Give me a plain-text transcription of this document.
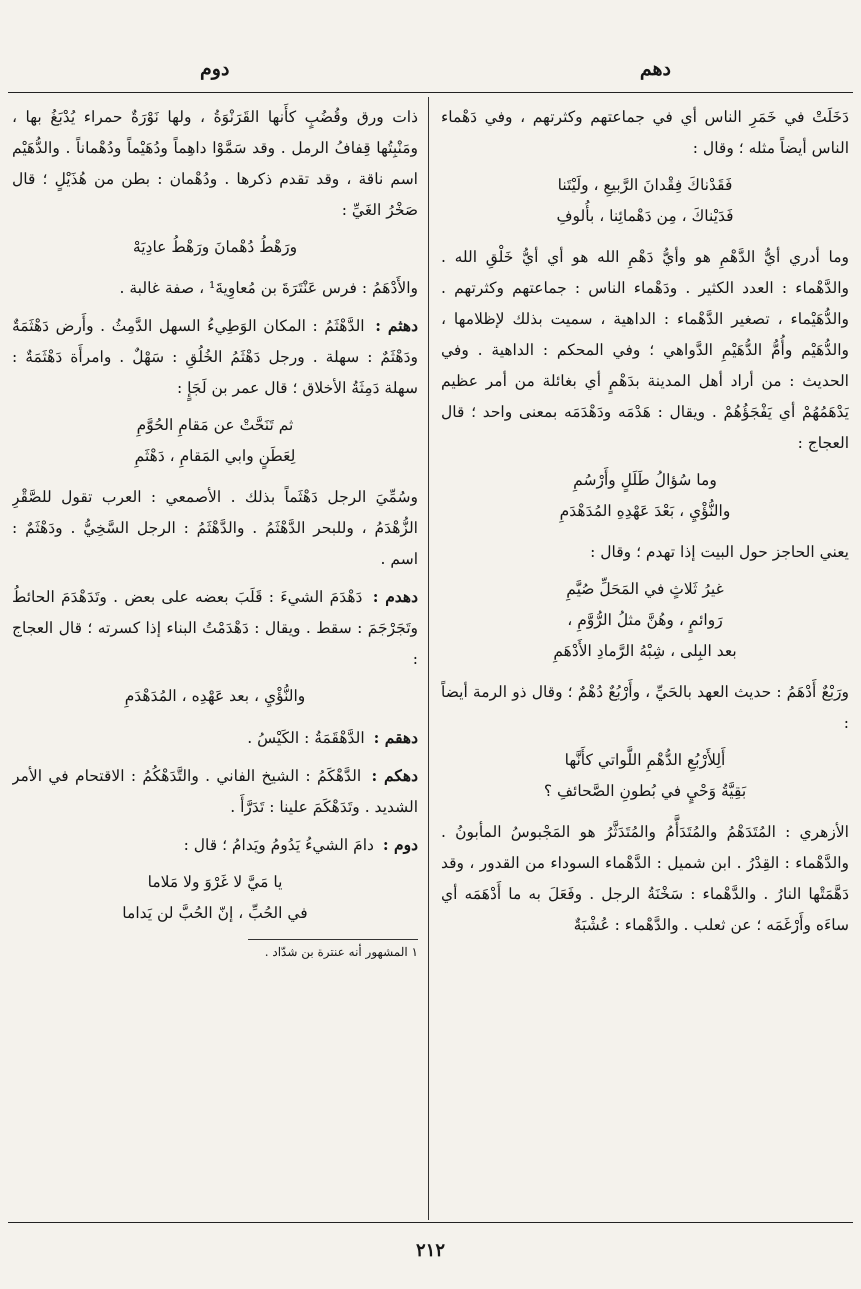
دهم
دوم

دَخَلَتْ في خَمَرِ الناس أي في جماعتهم وكثرتهم ، وفي دَهْماء الناس أيضاً مثله ؛ وقال :

فَقَدْناكَ فِقْدانَ الرَّبيعِ ، ولَيْتَنا
فَدَيْناكَ ، مِن دَهْمائِنا ، بأُلوفِ

وما أدري أيُّ الدَّهْمِ هو وأيُّ دَهْمِ الله هو أي أيُّ خَلْقِ الله . والدَّهْماء : العدد الكثير . ودَهْماء الناس : جماعتهم وكثرتهم . والدُّهَيْماء ، تصغير الدَّهْماء : الداهية ، سميت بذلك لإظلامها ، والدُّهَيْم وأُمُّ الدُّهَيْمِ الدَّواهي ؛ وفي المحكم : الداهية . وفي الحديث : من أراد أهل المدينة بدَهْمٍ أي بغائلة من أمر عظيم يَدْهَمُهُمْ أي يَفْجَؤُهُمْ . ويقال : هَدْمَه ودَهْدَمَه بمعنى واحد ؛ قال العجاج :

وما سُؤالُ طَلَلٍ وأَرْسُمِ
والنُّؤْيِ ، بَعْدَ عَهْدِهِ المُدَهْدَمِ

يعني الحاجز حول البيت إذا تهدم ؛ وقال :

غيرُ ثَلاثٍ في المَحَلِّ صُيَّمِ
رَوائمٍ ، وهُنَّ مثلُ الرُّوَّمِ ،
بعد البِلى ، شِبْهُ الرَّمادِ الأَدْهَمِ

ورَبْعٌ أَدْهَمُ : حديث العهد بالحَيِّ ، وأَرْبُعٌ دُهْمٌ ؛ وقال ذو الرمة أيضاً :

أَلِلأَرْبُعِ الدُّهْمِ اللَّواتي كأَنَّها
بَقِيَّةُ وَحْيٍ في بُطونِ الصَّحائفِ ؟

الأزهري : المُتَدَهْمُ والمُتَدَأَّمُ والمُتَدَثَّرُ هو المَجْبوسُ المأبونُ . والدَّهْماء : القِدْرُ . ابن شميل : الدَّهْماء السوداء من القدور ، وقد دَهَّمَتْها النارُ . والدَّهْماء : سَخْنَةُ الرجل . وفَعَلَ به ما أَدْهَمَه أي ساءَه وأَرْغَمَه ؛ عن ثعلب . والدَّهْماء : عُشْبَةٌ

ذات ورق وقُضُبٍ كأَنها القَرَنْوَةُ ، ولها نَوْرَةٌ حمراء يُدْبَغُ بها ، ومَنْبِتُها قِفافُ الرمل . وقد سَمَّوْا داهِماً ودُهَيْماً ودُهْماناً . والدُّهَيْم اسم ناقة ، وقد تقدم ذكرها . ودُهْمان : بطن من هُذَيْلٍ ؛ قال صَخْرُ الغَيِّ :

ورَهْطُ دُهْمانَ ورَهْطُ عادِيَهْ

والأَدْهَمُ : فرس عَنْتَرَةَ بن مُعاوِيةَ¹ ، صفة غالبة .

دهثم : الدَّهْثَمُ : المكان الوَطِيءُ السهل الدَّمِثُ . وأَرض دَهْثَمَةٌ ودَهْثَمٌ : سهلة . ورجل دَهْثَمُ الخُلُقِ : سَهْلٌ . وامرأَة دَهْثَمَةٌ : سهلة دَمِثَةُ الأخلاق ؛ قال عمر بن لَجَإٍ :

ثم تَنَحَّتْ عن مَقامِ الحُوَّمِ
لِعَطَنٍ وابي المَقامِ ، دَهْثَمِ

وسُمِّيَ الرجل دَهْثَماً بذلك . الأصمعي : العرب تقول للصَّقْرِ الزُّهْدَمُ ، وللبحر الدَّهْثَمُ . والدَّهْثَمُ : الرجل السَّخِيُّ . ودَهْثَمٌ : اسم .

دهدم : دَهْدَمَ الشيءَ : قَلَبَ بعضه على بعض . وتَدَهْدَمَ الحائطُ وتَجَرْجَمَ : سقط . ويقال : دَهْدَمْتُ البناء إذا كسرته ؛ قال العجاج :

والنُّؤْيِ ، بعد عَهْدِه ، المُدَهْدَمِ

دهقم : الدَّهْقَمَةُ : الكَيْسُ .

دهكم : الدَّهْكَمُ : الشيخ الفاني . والتَّدَهْكُمُ : الاقتحام في الأمر الشديد . وتَدَهْكَمَ علينا : تَدَرَّأَ .

دوم : دامَ الشيءُ يَدُومُ ويَدامُ ؛ قال :

يا مَيَّ لا غَرْوَ ولا مَلاما
في الحُبِّ ، إنّ الحُبَّ لن يَداما
١ المشهور أنه عنترة بن شدّاد .
٢١٢
